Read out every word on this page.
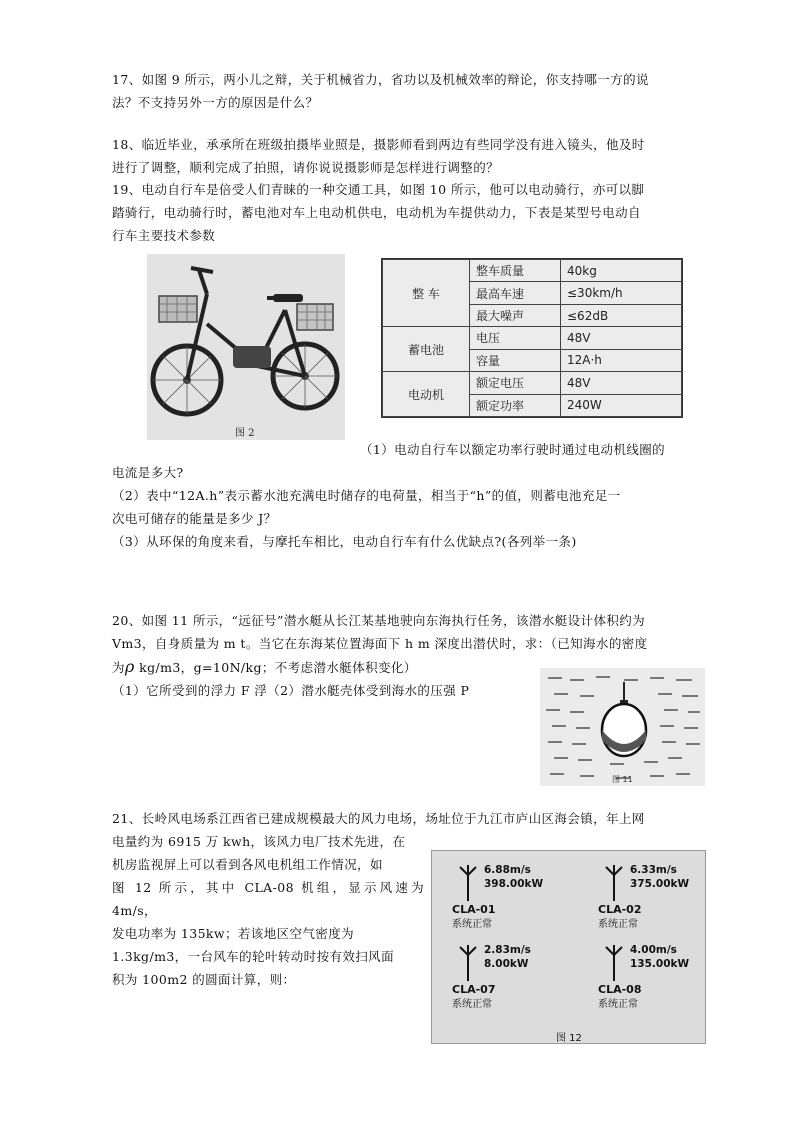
17、如图 9 所示，两小儿之辩，关于机械省力，省功以及机械效率的辩论，你支持哪一方的说
法？不支持另外一方的原因是什么？

18、临近毕业，承承所在班级拍摄毕业照是，摄影师看到两边有些同学没有进入镜头，他及时
进行了调整，顺利完成了拍照，请你说说摄影师是怎样进行调整的？

19、电动自行车是倍受人们青睐的一种交通工具，如图 10 所示，他可以电动骑行，亦可以脚
踏骑行，电动骑行时，蓄电池对车上电动机供电，电动机为车提供动力，下表是某型号电动自
行车主要技术参数

图 2
整 车	整车质量	40kg
	最高车速	≤30km/h
	最大噪声	≤62dB
蓄电池	电压	48V
	容量	12A·h
电动机	额定电压	48V
	额定功率	240W

（1）电动自行车以额定功率行驶时通过电动机线圈的

电流是多大?
（2）表中“12A.h”表示蓄水池充满电时储存的电荷量，相当于“h”的值，则蓄电池充足一
次电可储存的能量是多少 J？
（3）从环保的角度来看，与摩托车相比，电动自行车有什么优缺点?(各列举一条)

20、如图 11 所示，“远征号”潜水艇从长江某基地驶向东海执行任务，该潜水艇设计体积约为
Vm3，自身质量为 m t。当它在东海某位置海面下 h m 深度出潜伏时，求：（已知海水的密度
为ρ kg/m3，g=10N/kg；不考虑潜水艇体积变化）
（1）它所受到的浮力 F 浮（2）潜水艇壳体受到海水的压强 P

图 11

21、长岭风电场系江西省已建成规模最大的风力电场，场址位于九江市庐山区海会镇，年上网

电量约为 6915 万 kwh，该风力电厂技术先进，在
机房监视屏上可以看到各风电机组工作情况，如
图 12 所示，其中 CLA-08 机组，显示风速为 4m/s，
发电功率为 135kw；若该地区空气密度为
1.3kg/m3，一台风车的轮叶转动时按有效扫风面
积为 100m2 的圆面计算，则：

6.88m/s
398.00kW
CLA-01
系统正常
6.33m/s
375.00kW
CLA-02
系统正常
2.83m/s
8.00kW
CLA-07
系统正常
4.00m/s
135.00kW
CLA-08
系统正常
图 12
